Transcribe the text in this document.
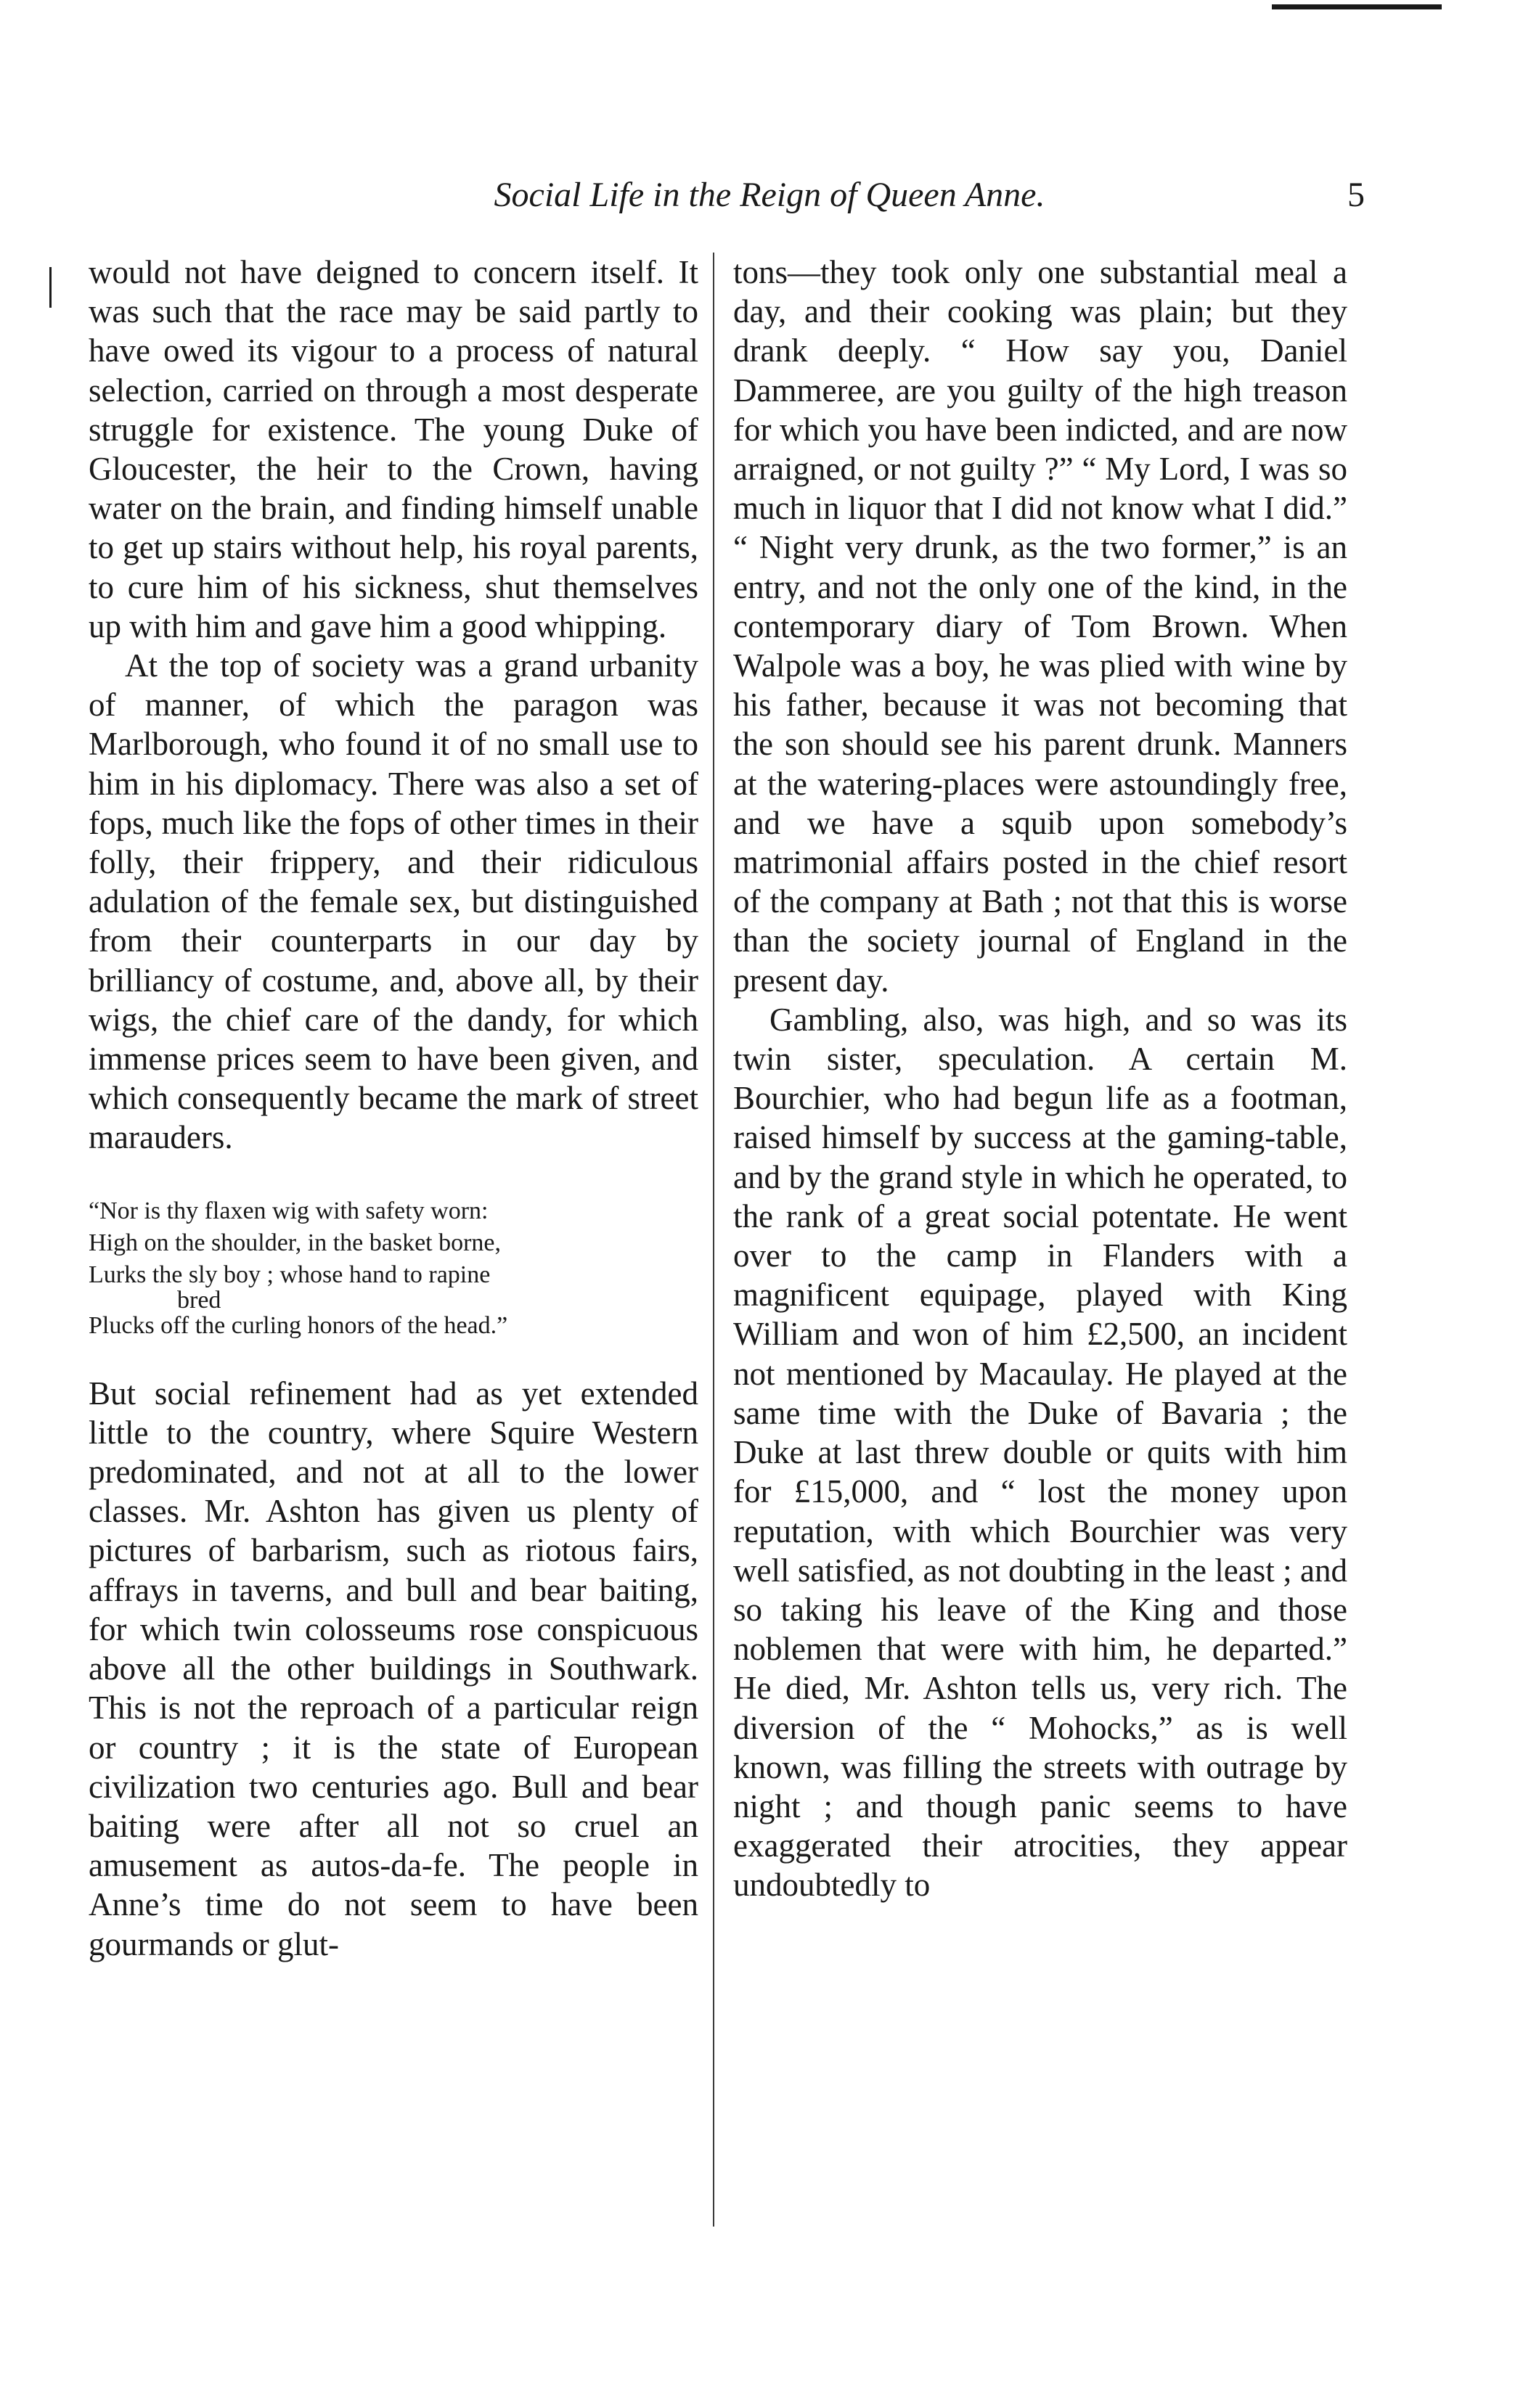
Social Life in the Reign of Queen Anne.	5

would not have deigned to concern itself. It was such that the race may be said partly to have owed its vigour to a process of natural selection, carried on through a most desperate struggle for existence. The young Duke of Gloucester, the heir to the Crown, having water on the brain, and finding himself unable to get up stairs without help, his royal parents, to cure him of his sickness, shut themselves up with him and gave him a good whipping.

At the top of society was a grand urbanity of manner, of which the paragon was Marlborough, who found it of no small use to him in his diplomacy. There was also a set of fops, much like the fops of other times in their folly, their frippery, and their ridiculous adulation of the female sex, but distinguished from their counterparts in our day by brilliancy of costume, and, above all, by their wigs, the chief care of the dandy, for which immense prices seem to have been given, and which consequently became the mark of street marauders.

“Nor is thy flaxen wig with safety worn:
High on the shoulder, in the basket borne,
Lurks the sly boy ; whose hand to rapine
bred
Plucks off the curling honors of the head.”

But social refinement had as yet extended little to the country, where Squire Western predominated, and not at all to the lower classes. Mr. Ashton has given us plenty of pictures of barbarism, such as riotous fairs, affrays in taverns, and bull and bear baiting, for which twin colosseums rose conspicuous above all the other buildings in Southwark. This is not the reproach of a particular reign or country ; it is the state of European civilization two centuries ago. Bull and bear baiting were after all not so cruel an amusement as autos-da-fe. The people in Anne’s time do not seem to have been gourmands or glut-

tons—they took only one substantial meal a day, and their cooking was plain; but they drank deeply. “ How say you, Daniel Dammeree, are you guilty of the high treason for which you have been indicted, and are now arraigned, or not guilty ?” “ My Lord, I was so much in liquor that I did not know what I did.” “ Night very drunk, as the two former,” is an entry, and not the only one of the kind, in the contemporary diary of Tom Brown. When Walpole was a boy, he was plied with wine by his father, because it was not becoming that the son should see his parent drunk. Manners at the watering-places were astoundingly free, and we have a squib upon somebody’s matrimonial affairs posted in the chief resort of the company at Bath ; not that this is worse than the society journal of England in the present day.

Gambling, also, was high, and so was its twin sister, speculation. A certain M. Bourchier, who had begun life as a footman, raised himself by success at the gaming-table, and by the grand style in which he operated, to the rank of a great social potentate. He went over to the camp in Flanders with a magnificent equipage, played with King William and won of him £2,500, an incident not mentioned by Macaulay. He played at the same time with the Duke of Bavaria ; the Duke at last threw double or quits with him for £15,000, and “ lost the money upon reputation, with which Bourchier was very well satisfied, as not doubting in the least ; and so taking his leave of the King and those noblemen that were with him, he departed.” He died, Mr. Ashton tells us, very rich. The diversion of the “ Mohocks,” as is well known, was filling the streets with outrage by night ; and though panic seems to have exaggerated their atrocities, they appear undoubtedly to
